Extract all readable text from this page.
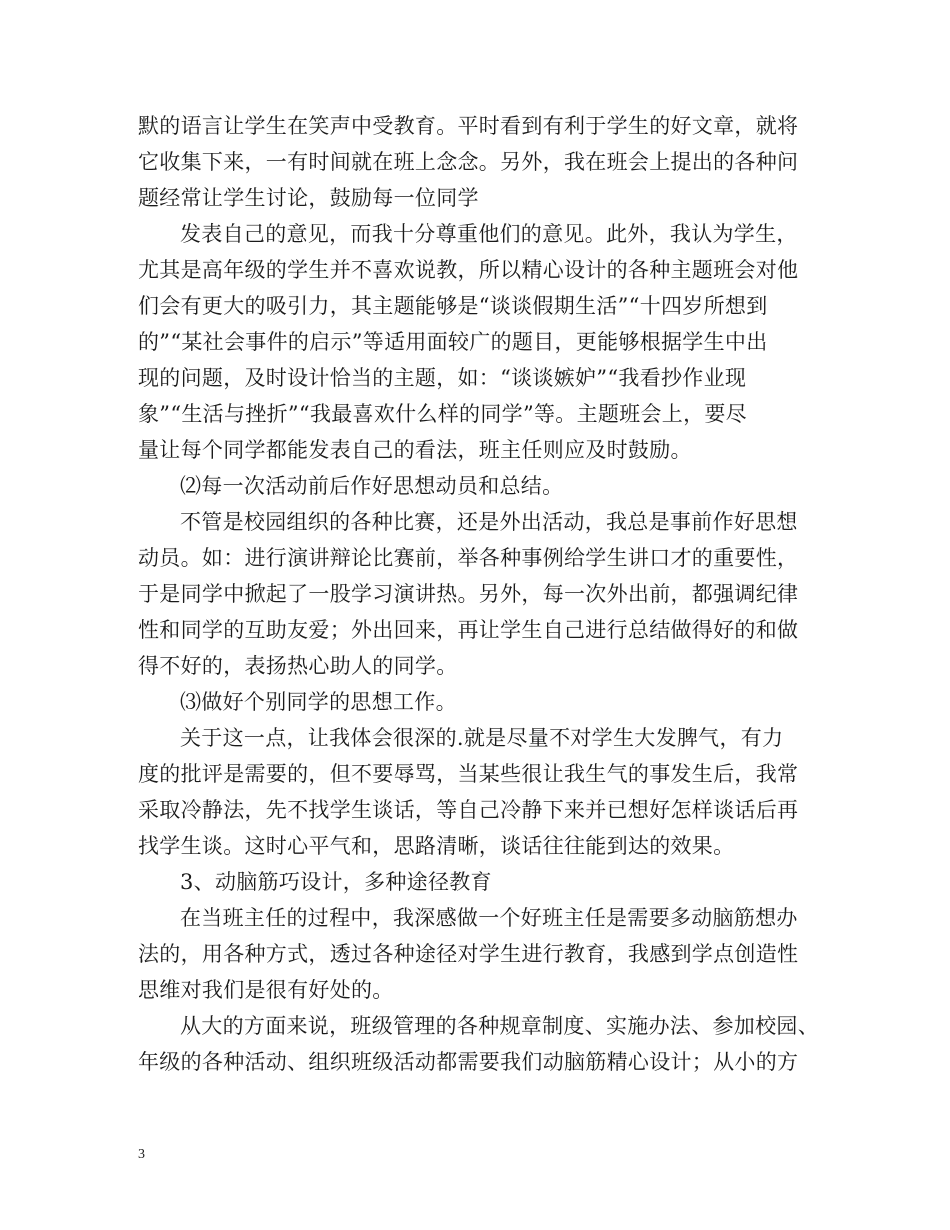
默的语言让学生在笑声中受教育。平时看到有利于学生的好文章，就将
它收集下来，一有时间就在班上念念。另外，我在班会上提出的各种问
题经常让学生讨论，鼓励每一位同学
发表自己的意见，而我十分尊重他们的意见。此外，我认为学生，
尤其是高年级的学生并不喜欢说教，所以精心设计的各种主题班会对他
们会有更大的吸引力，其主题能够是“谈谈假期生活”“十四岁所想到
的”“某社会事件的启示”等适用面较广的题目，更能够根据学生中出
现的问题，及时设计恰当的主题，如：“谈谈嫉妒”“我看抄作业现
象”“生活与挫折”“我最喜欢什么样的同学”等。主题班会上，要尽
量让每个同学都能发表自己的看法，班主任则应及时鼓励。
⑵每一次活动前后作好思想动员和总结。
不管是校园组织的各种比赛，还是外出活动，我总是事前作好思想
动员。如：进行演讲辩论比赛前，举各种事例给学生讲口才的重要性，
于是同学中掀起了一股学习演讲热。另外，每一次外出前，都强调纪律
性和同学的互助友爱；外出回来，再让学生自己进行总结做得好的和做
得不好的，表扬热心助人的同学。
⑶做好个别同学的思想工作。
关于这一点，让我体会很深的.就是尽量不对学生大发脾气，有力
度的批评是需要的，但不要辱骂，当某些很让我生气的事发生后，我常
采取冷静法，先不找学生谈话，等自己冷静下来并已想好怎样谈话后再
找学生谈。这时心平气和，思路清晰，谈话往往能到达的效果。
3、动脑筋巧设计，多种途径教育
在当班主任的过程中，我深感做一个好班主任是需要多动脑筋想办
法的，用各种方式，透过各种途径对学生进行教育，我感到学点创造性
思维对我们是很有好处的。
从大的方面来说，班级管理的各种规章制度、实施办法、参加校园、
年级的各种活动、组织班级活动都需要我们动脑筋精心设计；从小的方
3
